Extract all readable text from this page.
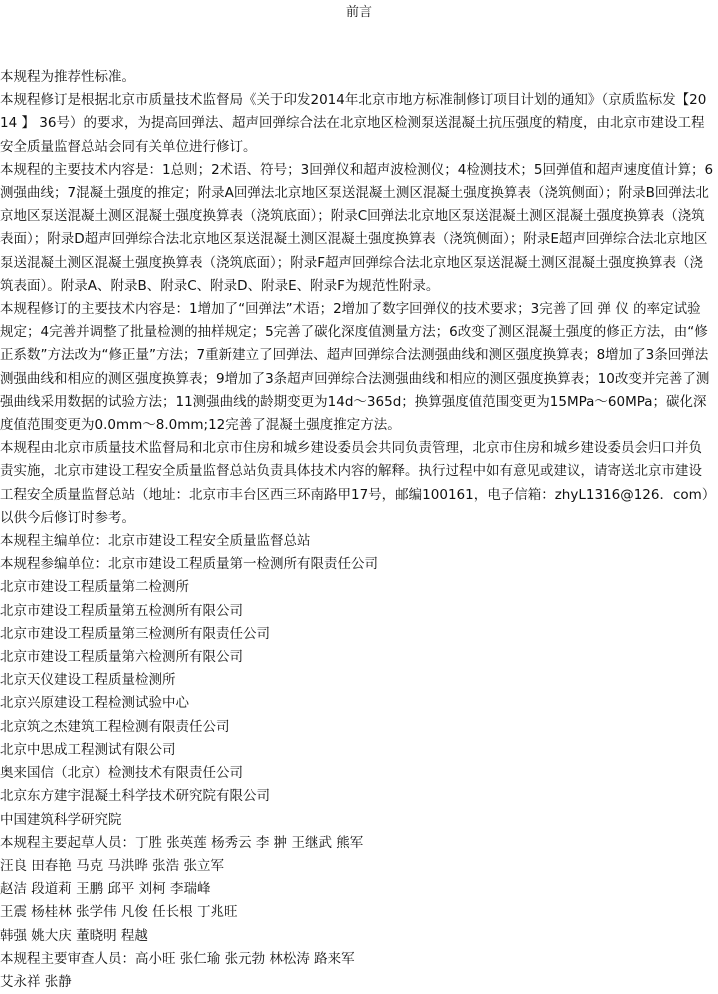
前言

本规程为推荐性标准。

本规程修订是根据北京市质量技术监督局《关于印发2014年北京市地方标准制修订项目计划的通知》（京质监标发【2014 】 36号）的要求，为提高回弹法、超声回弹综合法在北京地区检测泵送混凝土抗压强度的精度，由北京市建设工程安全质量监督总站会同有关单位进行修订。

本规程的主要技术内容是：1总则；2术语、符号；3回弹仪和超声波检测仪；4检测技术；5回弹值和超声速度值计算；6测强曲线；7混凝土强度的推定；附录A回弹法北京地区泵送混凝土测区混凝土强度换算表（浇筑侧面）；附录B回弹法北京地区泵送混凝土测区混凝土强度换算表（浇筑底面）；附录C回弹法北京地区泵送混凝土测区混凝土强度换算表（浇筑表面）；附录D超声回弹综合法北京地区泵送混凝土测区混凝土强度换算表（浇筑侧面）；附录E超声回弹综合法北京地区泵送混凝土测区混凝土强度换算表（浇筑底面）；附录F超声回弹综合法北京地区泵送混凝土测区混凝土强度换算表（浇筑表面）。附录A、附录B、附录C、附录D、附录E、附录F为规范性附录。

本规程修订的主要技术内容是：1增加了“回弹法”术语；2增加了数字回弹仪的技术要求；3完善了回 弹 仪 的率定试验规定；4完善并调整了批量检测的抽样规定；5完善了碳化深度值测量方法；6改变了测区混凝土强度的修正方法，由“修正系数”方法改为“修正量”方法；7重新建立了回弹法、超声回弹综合法测强曲线和测区强度换算表；8增加了3条回弹法测强曲线和相应的测区强度换算表；9增加了3条超声回弹综合法测强曲线和相应的测区强度换算表；10改变并完善了测强曲线采用数据的试验方法；11测强曲线的龄期变更为14d～365d；换算强度值范围变更为15MPa～60MPa；碳化深度值范围变更为0.0mm～8.0mm;12完善了混凝土强度推定方法。

本规程由北京市质量技术监督局和北京市住房和城乡建设委员会共同负责管理，北京市住房和城乡建设委员会归口并负责实施，北京市建设工程安全质量监督总站负责具体技术内容的解释。执行过程中如有意见或建议，请寄送北京市建设工程安全质量监督总站（地址：北京市丰台区西三环南路甲17号，邮编100161，电子信箱：zhyL1316@126．com）以供今后修订时参考。

本规程主编单位：北京市建设工程安全质量监督总站

本规程参编单位：北京市建设工程质量第一检测所有限责任公司

北京市建设工程质量第二检测所

北京市建设工程质量第五检测所有限公司

北京市建设工程质量第三检测所有限责任公司

北京市建设工程质量第六检测所有限公司

北京天仪建设工程质量检测所

北京兴原建设工程检测试验中心

北京筑之杰建筑工程检测有限责任公司

北京中思成工程测试有限公司

奥来国信（北京）检测技术有限责任公司

北京东方建宇混凝土科学技术研究院有限公司

中国建筑科学研究院

本规程主要起草人员：丁胜 张英莲 杨秀云 李 翀 王继武 熊军

汪良 田春艳 马克 马洪晔 张浩 张立军

赵洁 段道莉 王鹏 邱平 刘柯 李瑞峰

王震 杨桂林 张学伟 凡俊 任长根 丁兆旺

韩强 姚大庆 董晓明 程越

本规程主要审查人员：高小旺 张仁瑜 张元勃 林松涛 路来军

艾永祥 张静
